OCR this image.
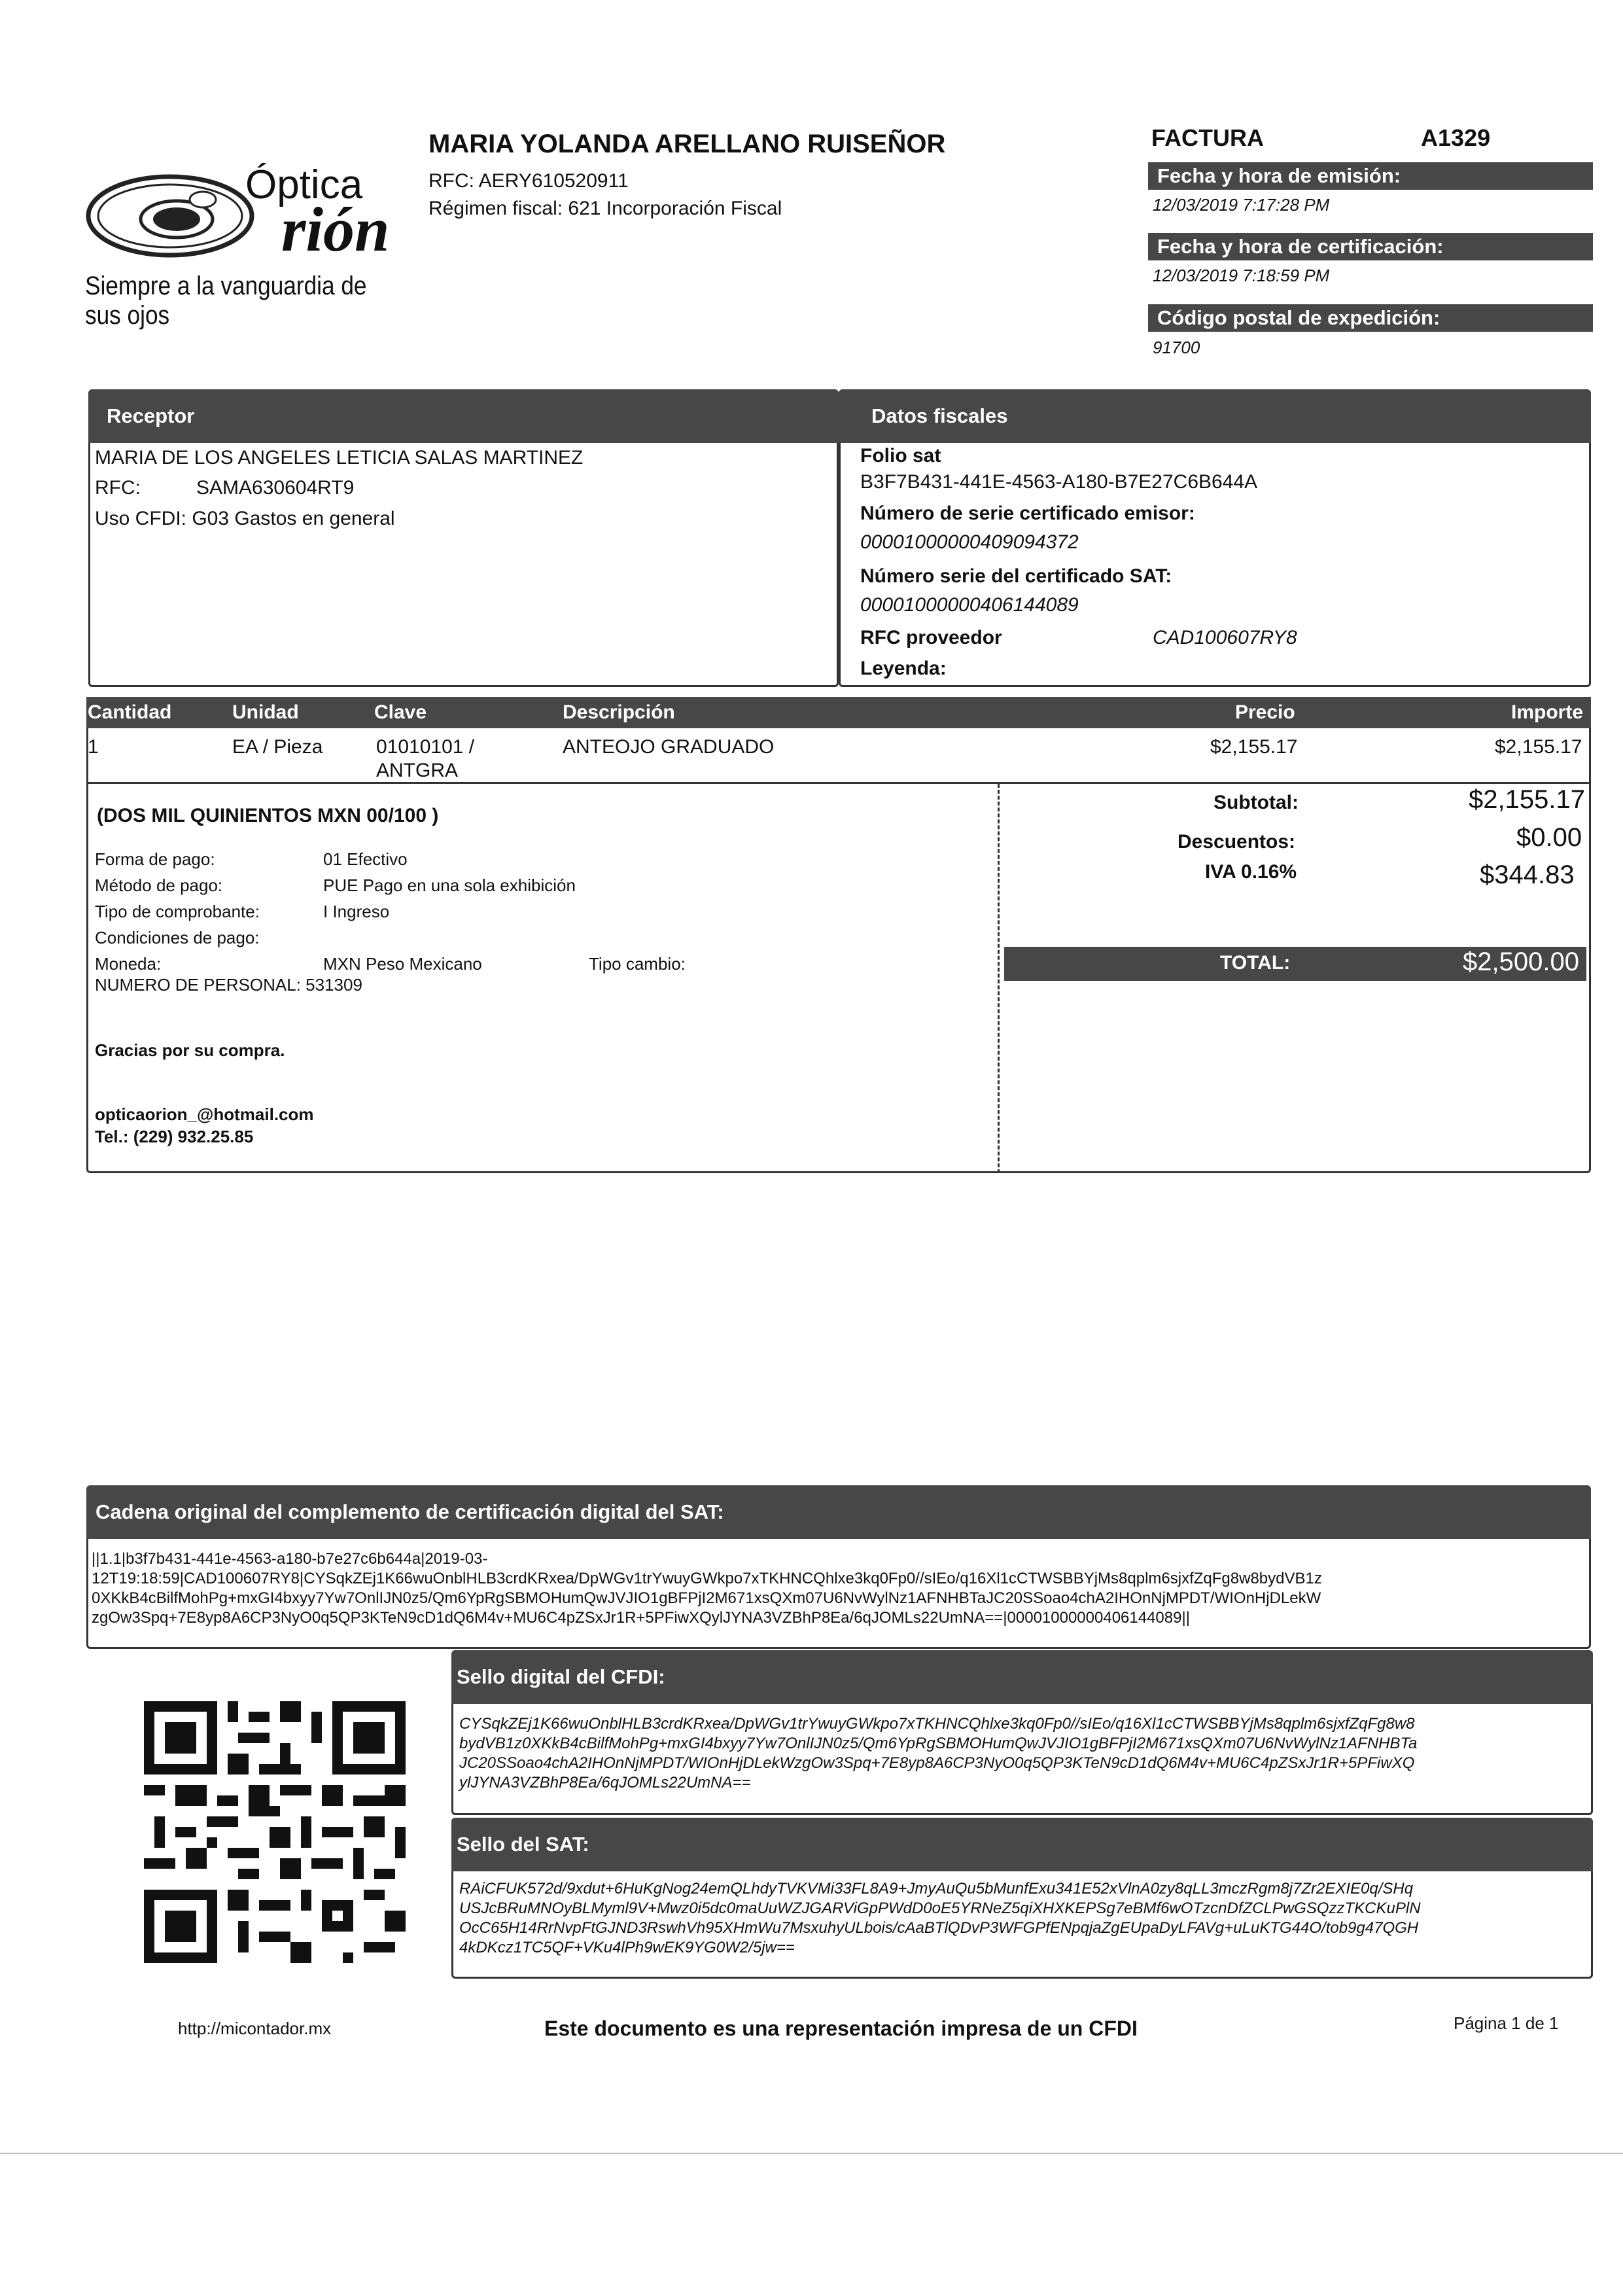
Óptica
rión
Siempre a la vanguardia de sus ojos
MARIA YOLANDA ARELLANO RUISEÑOR
RFC: AERY610520911
Régimen fiscal: 621 Incorporación Fiscal
FACTURA	A1329
Fecha y hora de emisión:
12/03/2019 7:17:28 PM
Fecha y hora de certificación:
12/03/2019 7:18:59 PM
Código postal de expedición:
91700
Receptor	Datos fiscales
MARIA DE LOS ANGELES LETICIA SALAS MARTINEZ
RFC:	SAMA630604RT9
Uso CFDI: G03 Gastos en general
Folio sat
B3F7B431-441E-4563-A180-B7E27C6B644A
Número de serie certificado emisor:
00001000000409094372
Número serie del certificado SAT:
00001000000406144089
RFC proveedor	CAD100607RY8
Leyenda:
Cantidad	Unidad	Clave	Descripción	Precio	Importe
1	EA / Pieza	01010101 /
ANTGRA
ANTEOJO GRADUADO	$2,155.17	$2,155.17
(DOS MIL QUINIENTOS MXN 00/100 )
Forma de pago:	01 Efectivo
Método de pago:	PUE Pago en una sola exhibición
Tipo de comprobante:	I Ingreso
Condiciones de pago:
Moneda:	MXN Peso Mexicano	Tipo cambio:
NUMERO DE PERSONAL: 531309
Gracias por su compra.
opticaorion_@hotmail.com
Tel.: (229) 932.25.85
Subtotal:	$2,155.17
Descuentos:	$0.00
IVA 0.16%	$344.83
TOTAL:	$2,500.00
Cadena original del complemento de certificación digital del SAT:
||1.1|b3f7b431-441e-4563-a180-b7e27c6b644a|2019-03-
12T19:18:59|CAD100607RY8|CYSqkZEj1K66wuOnblHLB3crdKRxea/DpWGv1trYwuyGWkpo7xTKHNCQhlxe3kq0Fp0//sIEo/q16Xl1cCTWSBBYjMs8qplm6sjxfZqFg8w8bydVB1z
0XKkB4cBilfMohPg+mxGI4bxyy7Yw7OnlIJN0z5/Qm6YpRgSBMOHumQwJVJIO1gBFPjI2M671xsQXm07U6NvWylNz1AFNHBTaJC20SSoao4chA2IHOnNjMPDT/WIOnHjDLekW
zgOw3Spq+7E8yp8A6CP3NyO0q5QP3KTeN9cD1dQ6M4v+MU6C4pZSxJr1R+5PFiwXQylJYNA3VZBhP8Ea/6qJOMLs22UmNA==|00001000000406144089||
Sello digital del CFDI:
CYSqkZEj1K66wuOnblHLB3crdKRxea/DpWGv1trYwuyGWkpo7xTKHNCQhlxe3kq0Fp0//sIEo/q16Xl1cCTWSBBYjMs8qplm6sjxfZqFg8w8
bydVB1z0XKkB4cBilfMohPg+mxGI4bxyy7Yw7OnlIJN0z5/Qm6YpRgSBMOHumQwJVJIO1gBFPjI2M671xsQXm07U6NvWylNz1AFNHBTa
JC20SSoao4chA2IHOnNjMPDT/WIOnHjDLekWzgOw3Spq+7E8yp8A6CP3NyO0q5QP3KTeN9cD1dQ6M4v+MU6C4pZSxJr1R+5PFiwXQ
ylJYNA3VZBhP8Ea/6qJOMLs22UmNA==
Sello del SAT:
RAiCFUK572d/9xdut+6HuKgNog24emQLhdyTVKVMi33FL8A9+JmyAuQu5bMunfExu341E52xVlnA0zy8qLL3mczRgm8j7Zr2EXIE0q/SHq
USJcBRuMNOyBLMyml9V+Mwz0i5dc0maUuWZJGARViGpPWdD0oE5YRNeZ5qiXHXKEPSg7eBMf6wOTzcnDfZCLPwGSQzzTKCKuPlN
OcC65H14RrNvpFtGJND3RswhVh95XHmWu7MsxuhyULbois/cAaBTlQDvP3WFGPfENpqjaZgEUpaDyLFAVg+uLuKTG44O/tob9g47QGH
4kDKcz1TC5QF+VKu4lPh9wEK9YG0W2/5jw==
http://micontador.mx	Este documento es una representación impresa de un CFDI	Página 1 de 1
